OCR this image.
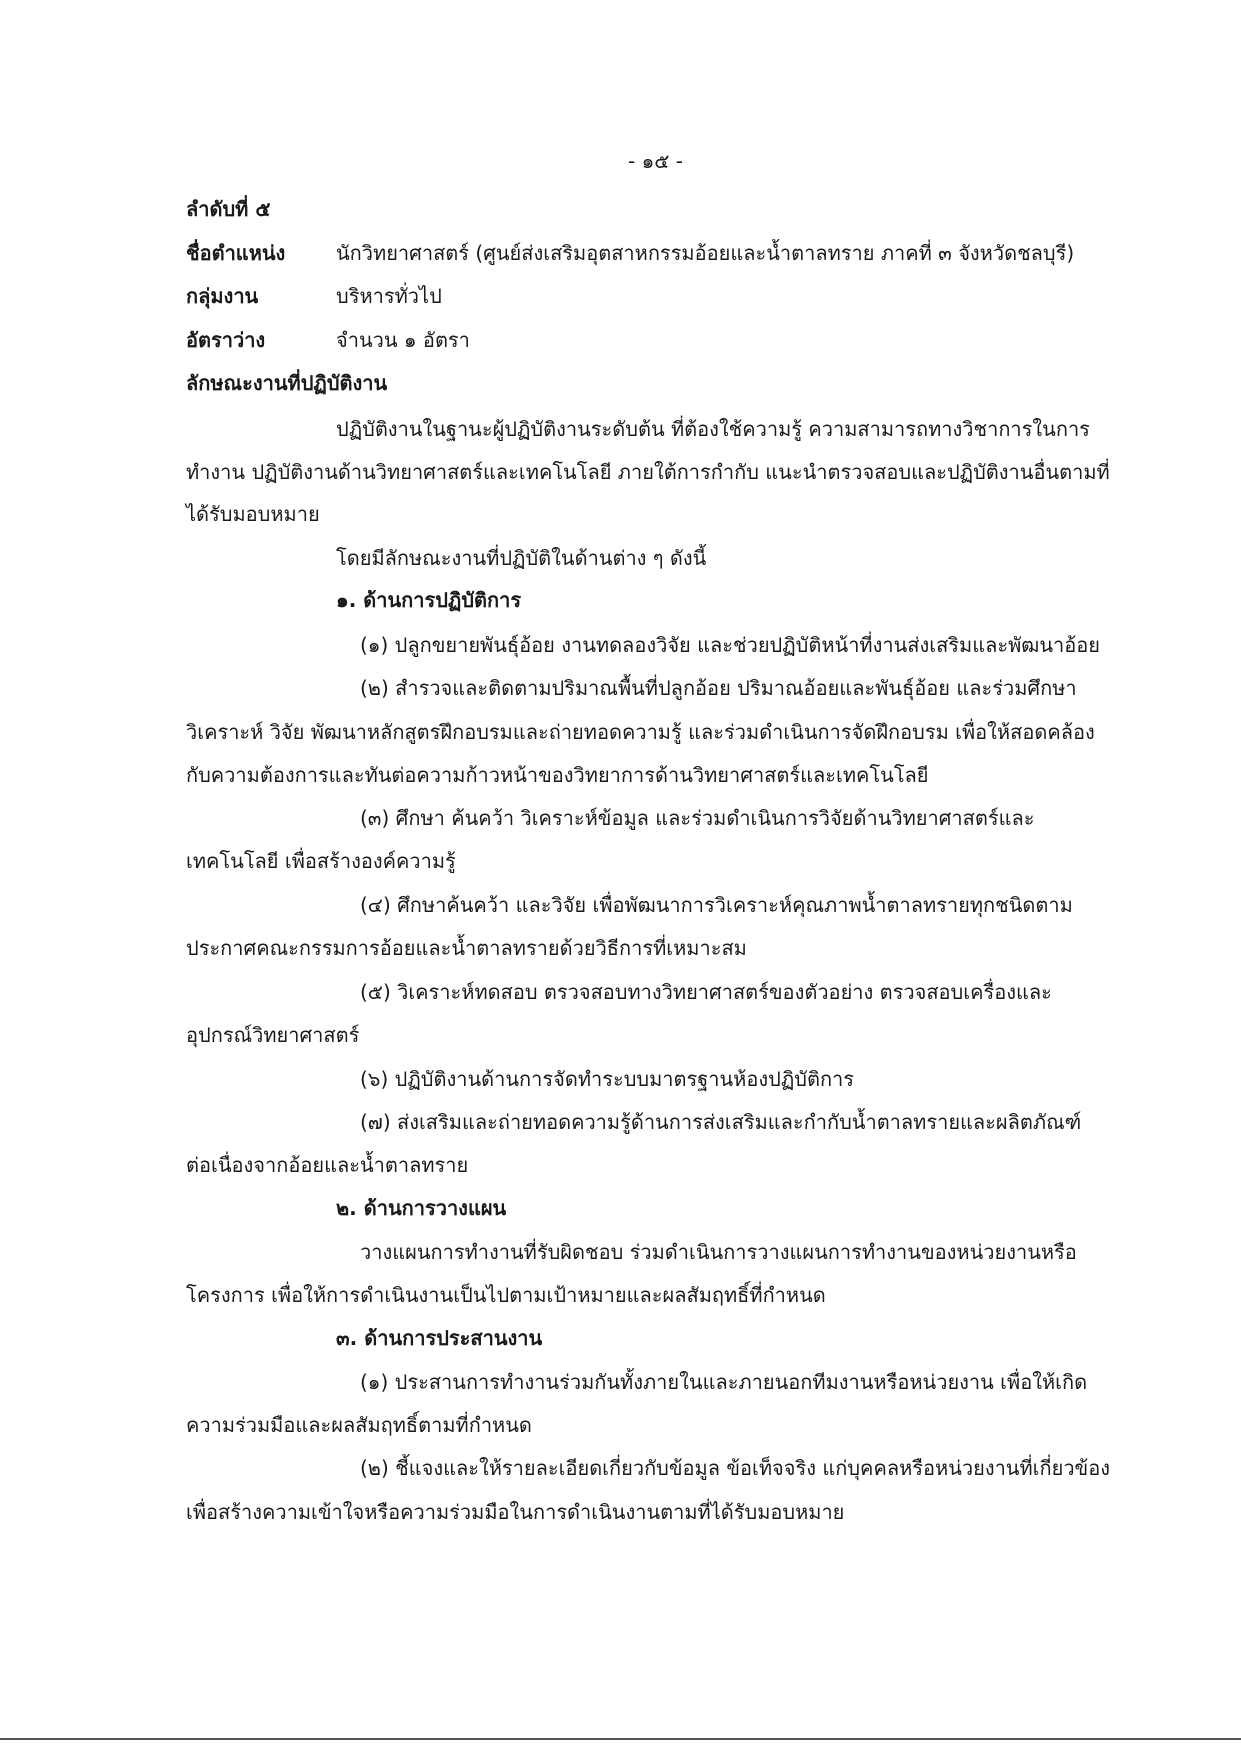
- ๑๕ -
ลำดับที่ ๕
ชื่อตำแหน่ง	นักวิทยาศาสตร์ (ศูนย์ส่งเสริมอุตสาหกรรมอ้อยและน้ำตาลทราย ภาคที่ ๓ จังหวัดชลบุรี)
กลุ่มงาน	บริหารทั่วไป
อัตราว่าง	จำนวน ๑ อัตรา
ลักษณะงานที่ปฏิบัติงาน
ปฏิบัติงานในฐานะผู้ปฏิบัติงานระดับต้น ที่ต้องใช้ความรู้ ความสามารถทางวิชาการในการ
ทำงาน ปฏิบัติงานด้านวิทยาศาสตร์และเทคโนโลยี ภายใต้การกำกับ แนะนำตรวจสอบและปฏิบัติงานอื่นตามที่
ได้รับมอบหมาย
โดยมีลักษณะงานที่ปฏิบัติในด้านต่าง ๆ ดังนี้
๑. ด้านการปฏิบัติการ
(๑) ปลูกขยายพันธุ์อ้อย งานทดลองวิจัย และช่วยปฏิบัติหน้าที่งานส่งเสริมและพัฒนาอ้อย
(๒) สำรวจและติดตามปริมาณพื้นที่ปลูกอ้อย ปริมาณอ้อยและพันธุ์อ้อย และร่วมศึกษา
วิเคราะห์ วิจัย พัฒนาหลักสูตรฝึกอบรมและถ่ายทอดความรู้ และร่วมดำเนินการจัดฝึกอบรม เพื่อให้สอดคล้อง
กับความต้องการและทันต่อความก้าวหน้าของวิทยาการด้านวิทยาศาสตร์และเทคโนโลยี
(๓) ศึกษา ค้นคว้า วิเคราะห์ข้อมูล และร่วมดำเนินการวิจัยด้านวิทยาศาสตร์และ
เทคโนโลยี เพื่อสร้างองค์ความรู้
(๔) ศึกษาค้นคว้า และวิจัย เพื่อพัฒนาการวิเคราะห์คุณภาพน้ำตาลทรายทุกชนิดตาม
ประกาศคณะกรรมการอ้อยและน้ำตาลทรายด้วยวิธีการที่เหมาะสม
(๕) วิเคราะห์ทดสอบ ตรวจสอบทางวิทยาศาสตร์ของตัวอย่าง ตรวจสอบเครื่องและ
อุปกรณ์วิทยาศาสตร์
(๖) ปฏิบัติงานด้านการจัดทำระบบมาตรฐานห้องปฏิบัติการ
(๗) ส่งเสริมและถ่ายทอดความรู้ด้านการส่งเสริมและกำกับน้ำตาลทรายและผลิตภัณฑ์
ต่อเนื่องจากอ้อยและน้ำตาลทราย
๒. ด้านการวางแผน
วางแผนการทำงานที่รับผิดชอบ ร่วมดำเนินการวางแผนการทำงานของหน่วยงานหรือ
โครงการ เพื่อให้การดำเนินงานเป็นไปตามเป้าหมายและผลสัมฤทธิ์ที่กำหนด
๓. ด้านการประสานงาน
(๑) ประสานการทำงานร่วมกันทั้งภายในและภายนอกทีมงานหรือหน่วยงาน เพื่อให้เกิด
ความร่วมมือและผลสัมฤทธิ์ตามที่กำหนด
(๒) ชี้แจงและให้รายละเอียดเกี่ยวกับข้อมูล ข้อเท็จจริง แก่บุคคลหรือหน่วยงานที่เกี่ยวข้อง
เพื่อสร้างความเข้าใจหรือความร่วมมือในการดำเนินงานตามที่ได้รับมอบหมาย
